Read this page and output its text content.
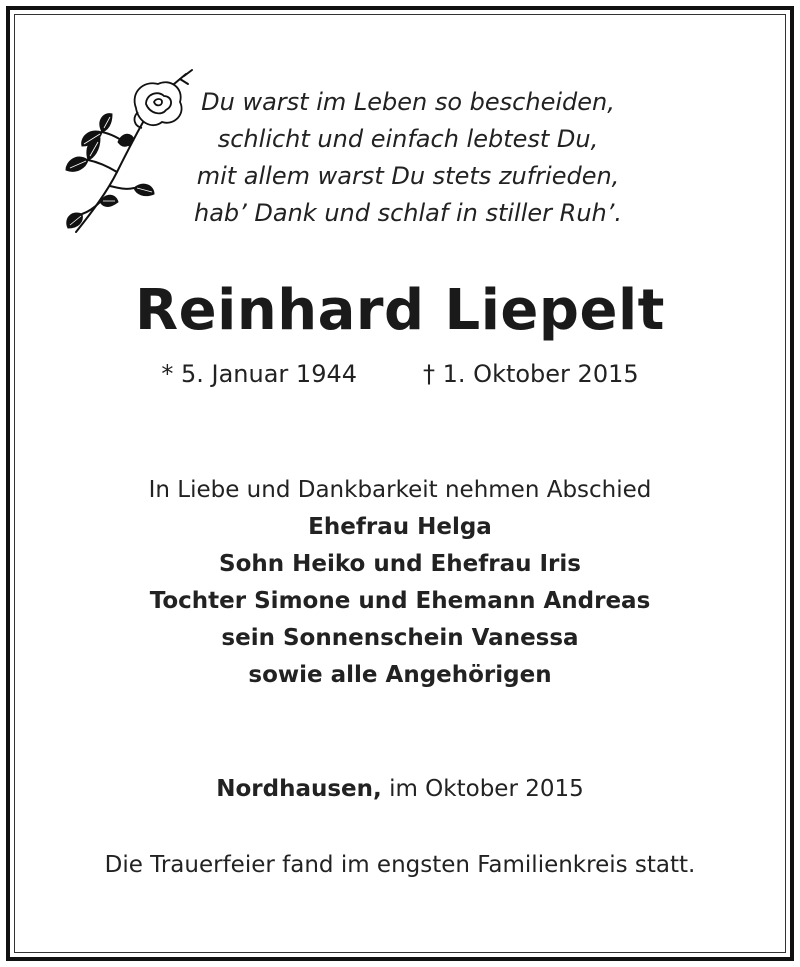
Du warst im Leben so bescheiden,
schlicht und einfach lebtest Du,
mit allem warst Du stets zufrieden,
hab’ Dank und schlaf in stiller Ruh’.
Reinhard Liepelt
* 5. Januar 1944	† 1. Oktober 2015
In Liebe und Dankbarkeit nehmen Abschied
Ehefrau Helga
Sohn Heiko und Ehefrau Iris
Tochter Simone und Ehemann Andreas
sein Sonnenschein Vanessa
sowie alle Angehörigen
Nordhausen, im Oktober 2015
Die Trauerfeier fand im engsten Familienkreis statt.
